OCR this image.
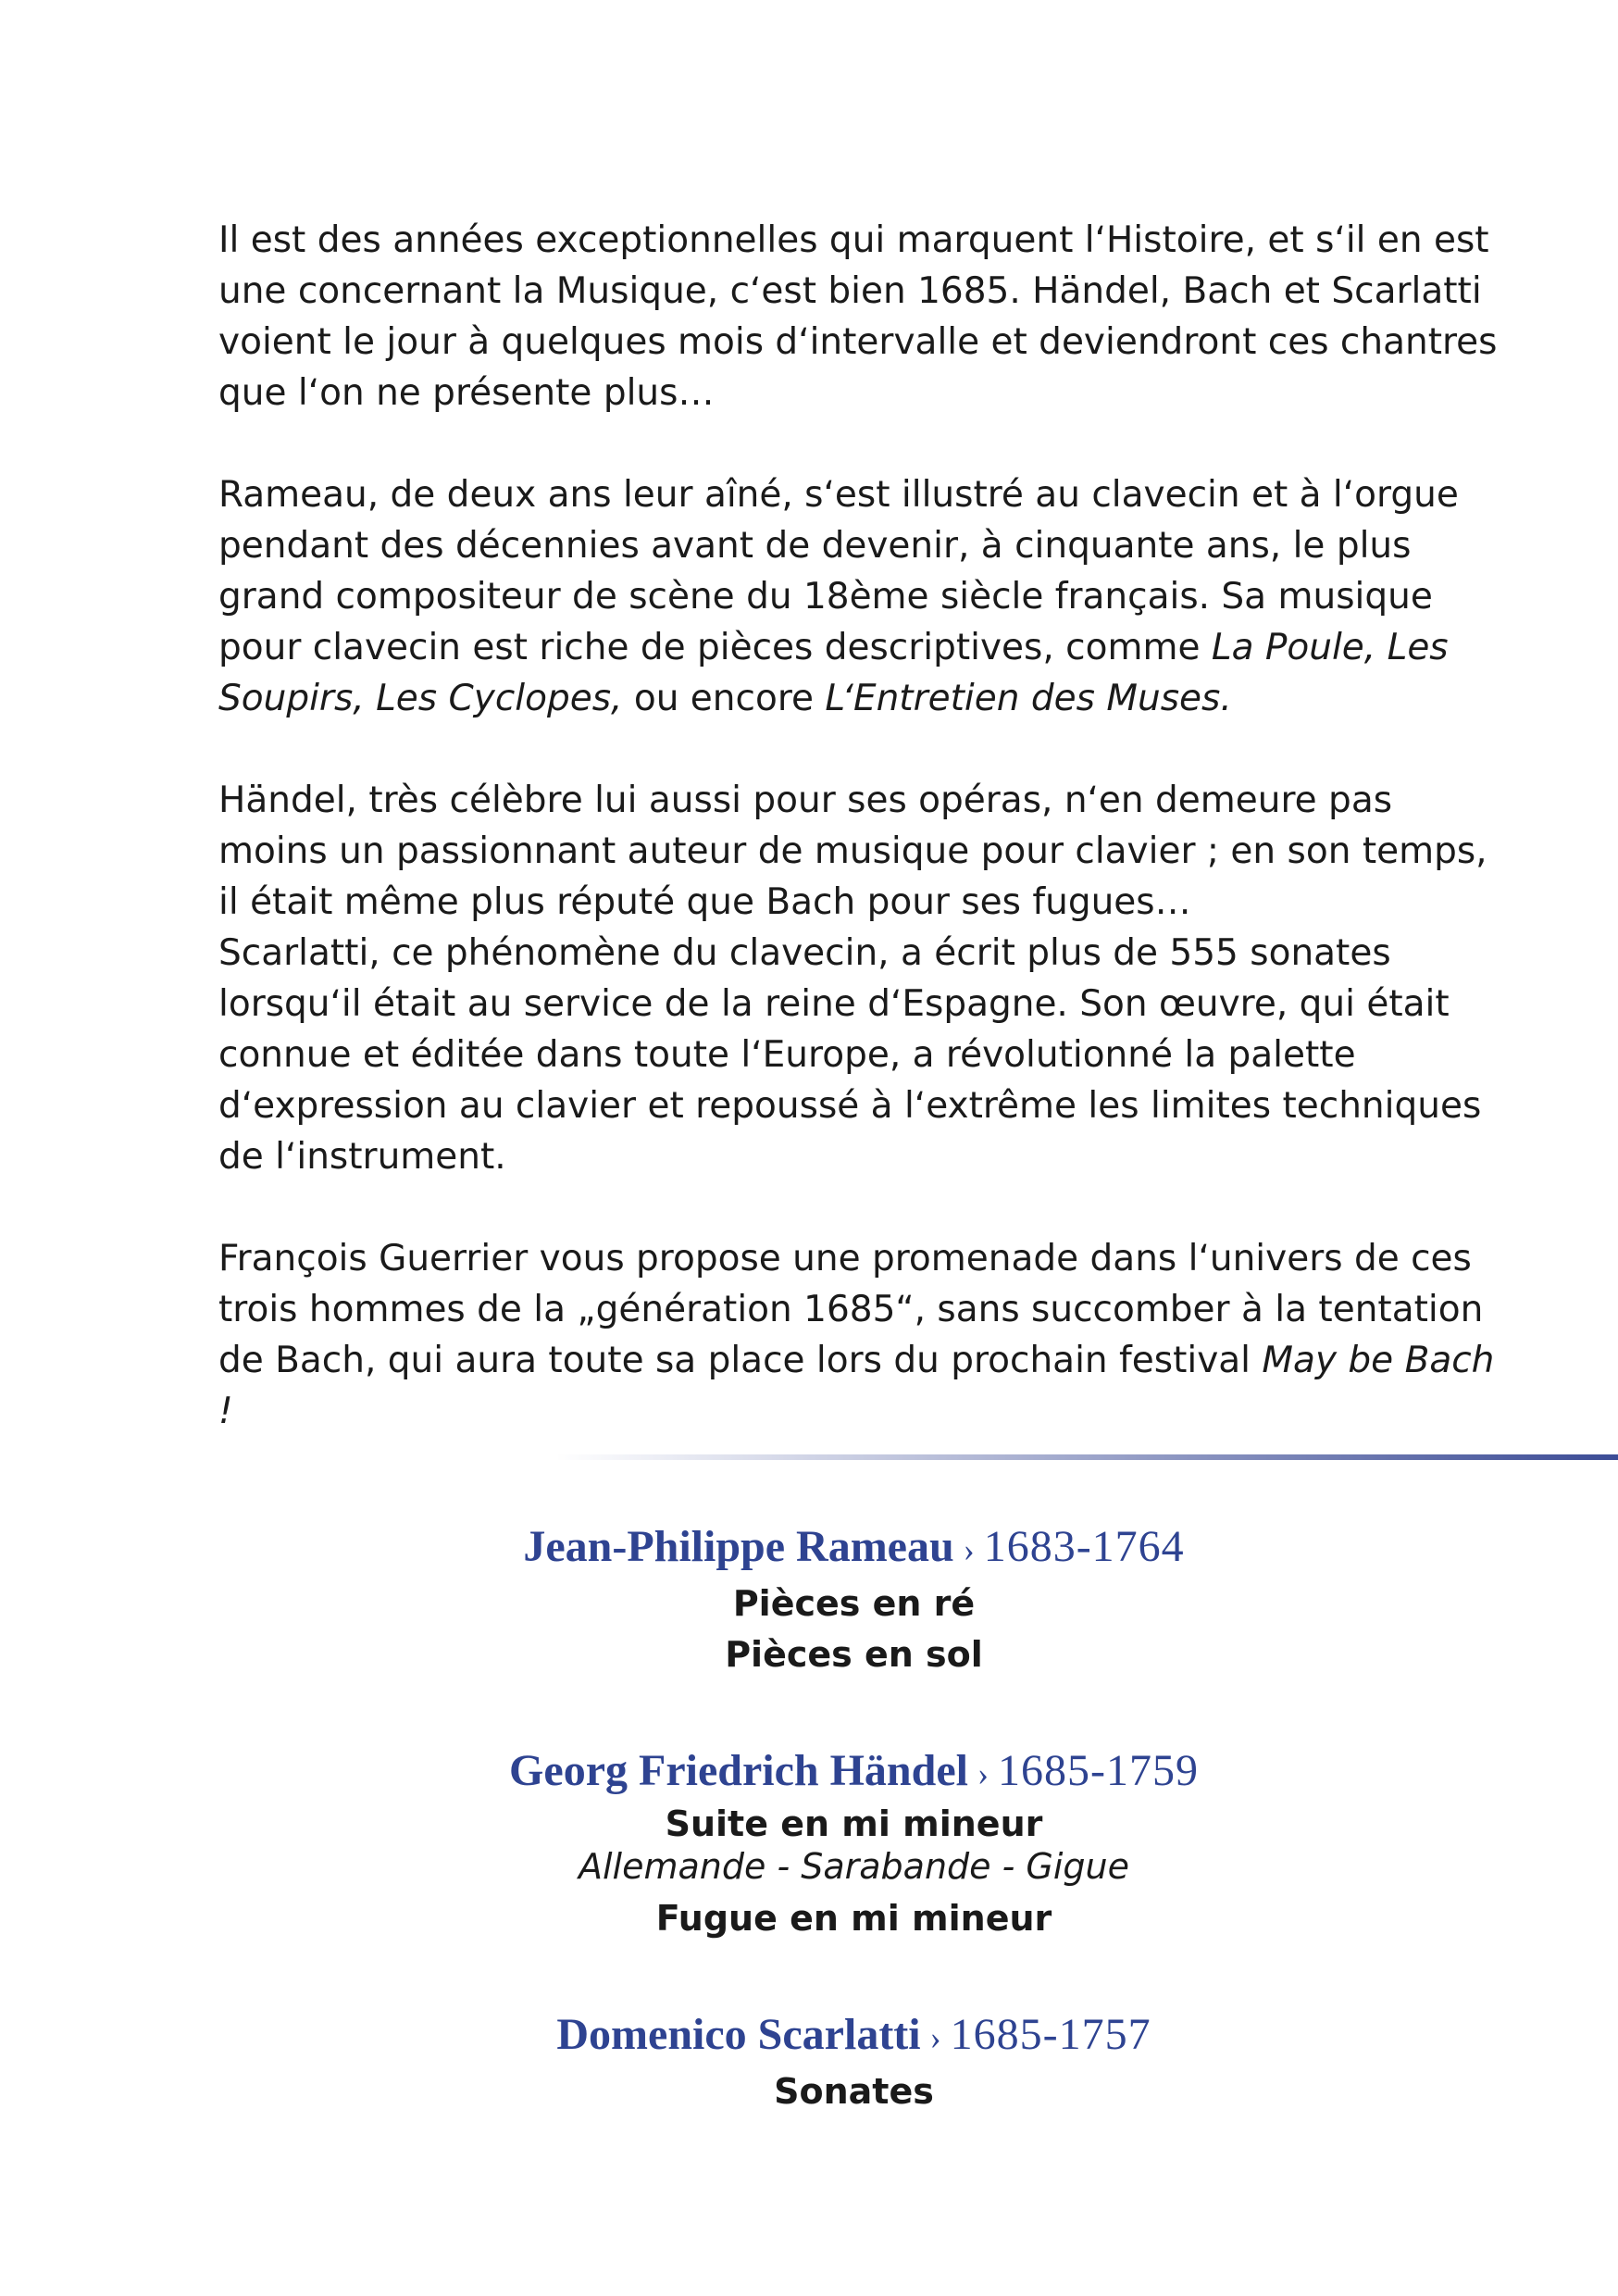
Il est des années exceptionnelles qui marquent l‘Histoire, et s‘il en est une concernant la Musique, c‘est bien 1685. Händel, Bach et Scarlatti voient le jour à quelques mois d‘intervalle et deviendront ces chantres que l‘on ne présente plus…

Rameau, de deux ans leur aîné, s‘est illustré au clavecin et à l‘orgue pendant des décennies avant de devenir, à cinquante ans, le plus grand compositeur de scène du 18ème siècle français. Sa musique pour clavecin est riche de pièces descriptives, comme La Poule, Les Soupirs, Les Cyclopes, ou encore L‘Entretien des Muses.

Händel, très célèbre lui aussi pour ses opéras, n‘en demeure pas moins un passionnant auteur de musique pour clavier ; en son temps, il était même plus réputé que Bach pour ses fugues…

Scarlatti, ce phénomène du clavecin, a écrit plus de 555 sonates lorsqu‘il était au service de la reine d‘Espagne. Son œuvre, qui était connue et éditée dans toute l‘Europe, a révolutionné la palette d‘expression au clavier et repoussé à l‘extrême les limites techniques de l‘instrument.

François Guerrier vous propose une promenade dans l‘univers de ces trois hommes de la „génération 1685“, sans succomber à la tentation de Bach, qui aura toute sa place lors du prochain festival May be Bach !

Jean-Philippe Rameau › 1683-1764
Pièces en ré
Pièces en sol
Georg Friedrich Händel › 1685-1759
Suite en mi mineur
Allemande - Sarabande - Gigue
Fugue en mi mineur
Domenico Scarlatti › 1685-1757
Sonates
